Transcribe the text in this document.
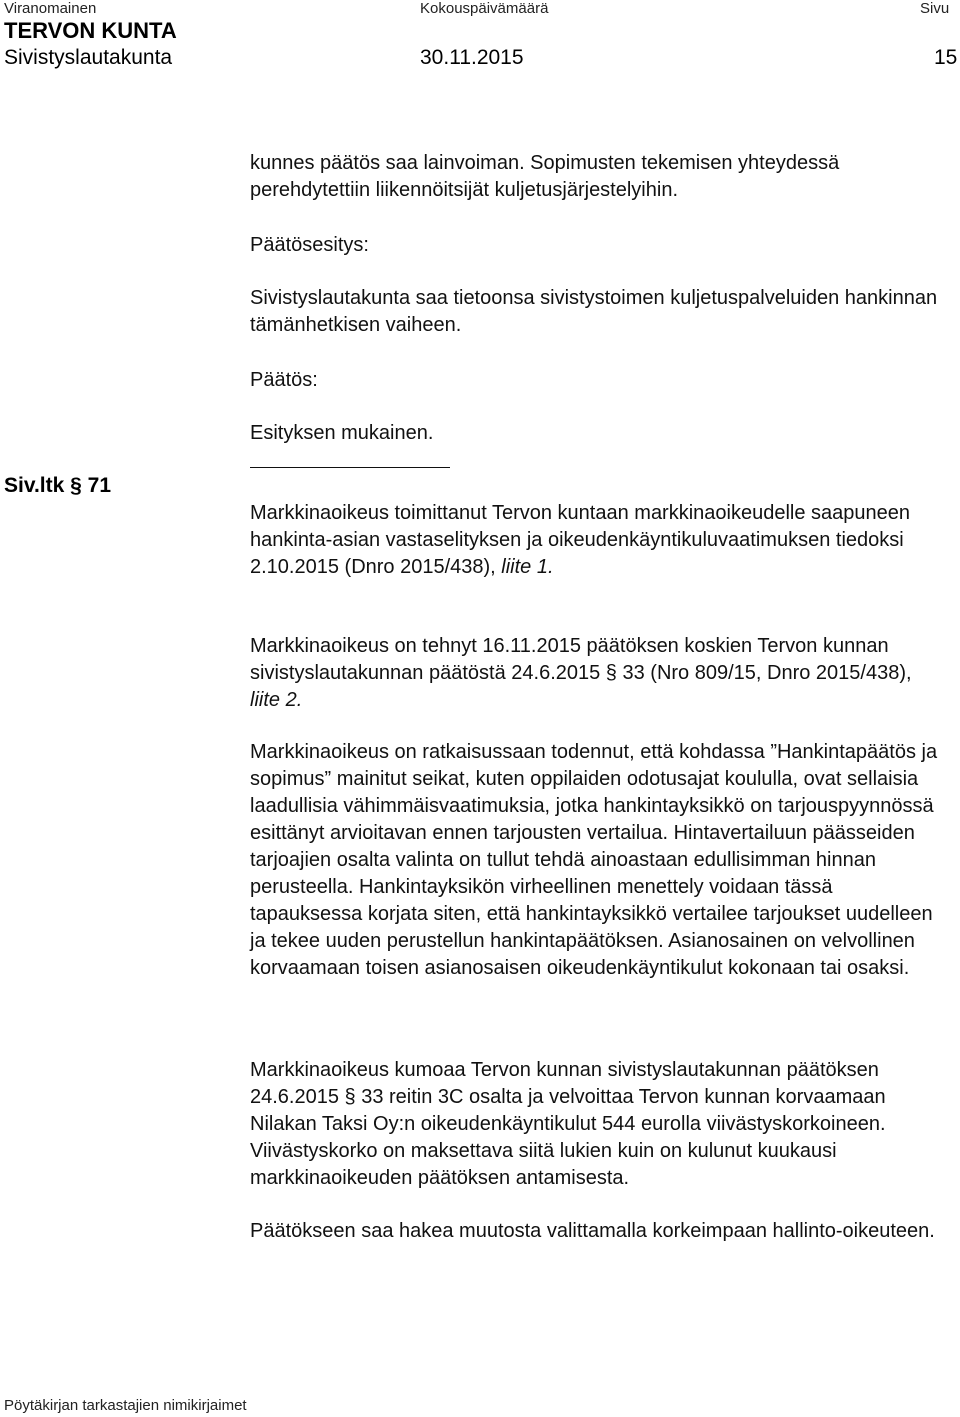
Viranomainen	Kokouspäivämäärä	Sivu
TERVON KUNTA
Sivistyslautakunta	30.11.2015	15
Siv.ltk § 71

kunnes päätös saa lainvoiman. Sopimusten tekemisen yhteydessä perehdytettiin liikennöitsijät kuljetusjärjestelyihin.

Päätösesitys:

Sivistyslautakunta saa tietoonsa sivistystoimen kuljetuspalveluiden hankinnan tämänhetkisen vaiheen.

Päätös:

Esityksen mukainen.

Markkinaoikeus toimittanut Tervon kuntaan markkinaoikeudelle saapuneen hankinta-asian vastaselityksen ja oikeudenkäyntikuluvaatimuksen tiedoksi 2.10.2015 (Dnro 2015/438), liite 1.

Markkinaoikeus on tehnyt 16.11.2015 päätöksen koskien Tervon kunnan sivistyslautakunnan päätöstä 24.6.2015 § 33 (Nro 809/15, Dnro 2015/438), liite 2.

Markkinaoikeus on ratkaisussaan todennut, että kohdassa ”Hankintapäätös ja sopimus” mainitut seikat, kuten oppilaiden odotusajat koululla, ovat sellaisia laadullisia vähimmäisvaatimuksia, jotka hankintayksikkö on tarjouspyynnössä esittänyt arvioitavan ennen tarjousten vertailua. Hintavertailuun päässeiden tarjoajien osalta valinta on tullut tehdä ainoastaan edullisimman hinnan perusteella. Hankintayksikön virheellinen menettely voidaan tässä tapauksessa korjata siten, että hankintayksikkö vertailee tarjoukset uudelleen ja tekee uuden perustellun hankintapäätöksen. Asianosainen on velvollinen korvaamaan toisen asianosaisen oikeudenkäyntikulut kokonaan tai osaksi.

Markkinaoikeus kumoaa Tervon kunnan sivistyslautakunnan päätöksen 24.6.2015 § 33 reitin 3C osalta ja velvoittaa Tervon kunnan korvaamaan Nilakan Taksi Oy:n oikeudenkäyntikulut 544 eurolla viivästyskorkoineen. Viivästyskorko on maksettava siitä lukien kuin on kulunut kuukausi markkinaoikeuden päätöksen antamisesta.

Päätökseen saa hakea muutosta valittamalla korkeimpaan hallinto-oikeuteen.

Pöytäkirjan tarkastajien nimikirjaimet
